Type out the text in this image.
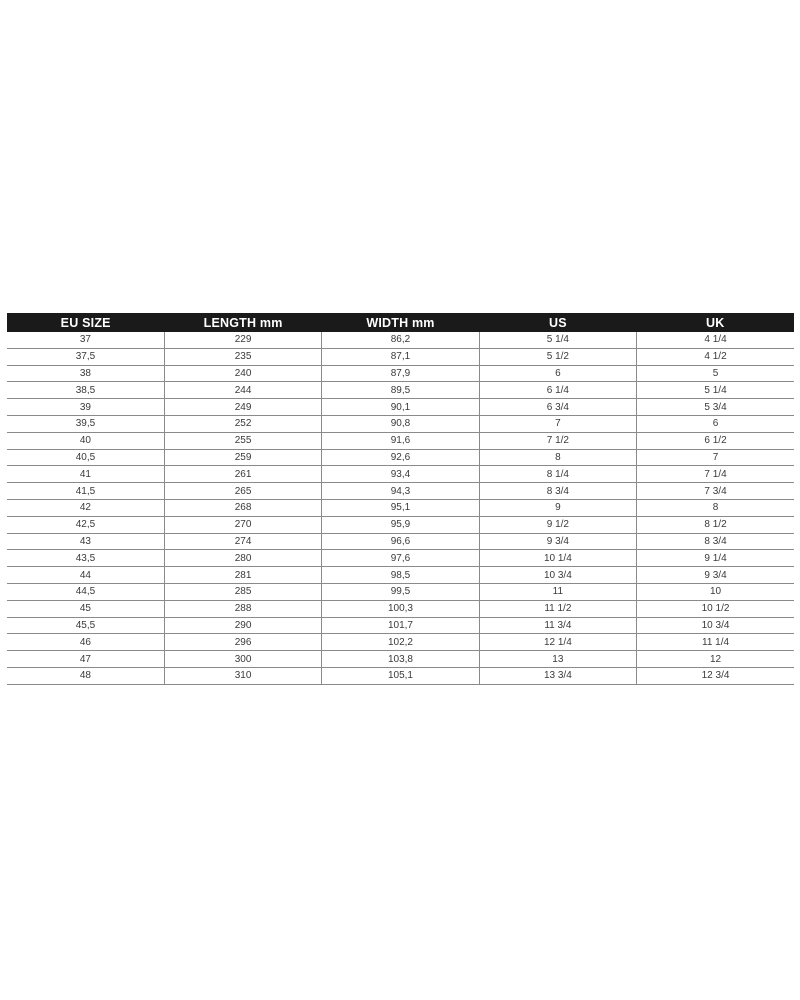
EU SIZE	LENGTH mm	WIDTH mm	US	UK
37	229	86,2	5 1/4	4 1/4
37,5	235	87,1	5 1/2	4 1/2
38	240	87,9	6	5
38,5	244	89,5	6 1/4	5 1/4
39	249	90,1	6 3/4	5 3/4
39,5	252	90,8	7	6
40	255	91,6	7 1/2	6 1/2
40,5	259	92,6	8	7
41	261	93,4	8 1/4	7 1/4
41,5	265	94,3	8 3/4	7 3/4
42	268	95,1	9	8
42,5	270	95,9	9 1/2	8 1/2
43	274	96,6	9 3/4	8 3/4
43,5	280	97,6	10 1/4	9 1/4
44	281	98,5	10 3/4	9 3/4
44,5	285	99,5	11	10
45	288	100,3	11 1/2	10 1/2
45,5	290	101,7	11 3/4	10 3/4
46	296	102,2	12 1/4	11 1/4
47	300	103,8	13	12
48	310	105,1	13 3/4	12 3/4
